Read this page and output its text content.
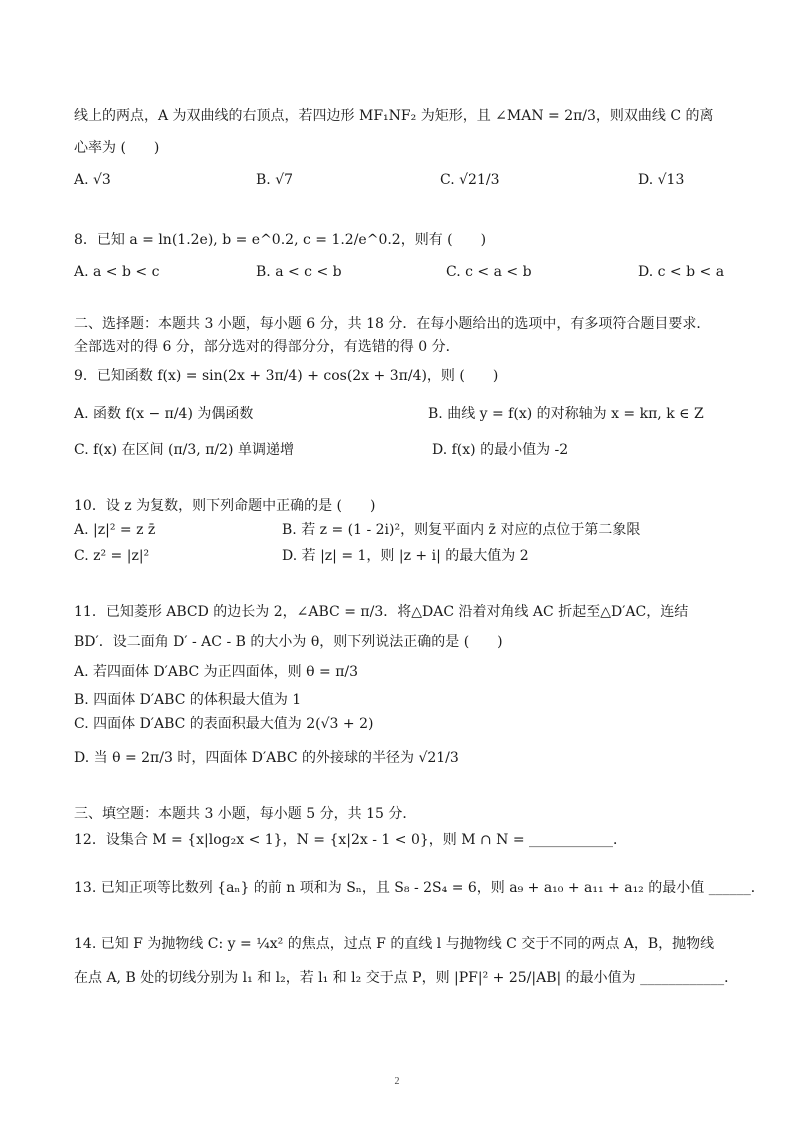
线上的两点，A 为双曲线的右顶点，若四边形 MF₁NF₂ 为矩形，且 ∠MAN = 2π/3，则双曲线 C 的离
心率为 (　　)
A. √3	B. √7	C. √21/3	D. √13
8．已知 a = ln(1.2e), b = e^0.2, c = 1.2/e^0.2，则有 (　　)
A. a < b < c	B. a < c < b	C. c < a < b	D. c < b < a
二、选择题：本题共 3 小题，每小题 6 分，共 18 分．在每小题给出的选项中，有多项符合题目要求．
全部选对的得 6 分，部分选对的得部分分，有选错的得 0 分．
9．已知函数 f(x) = sin(2x + 3π/4) + cos(2x + 3π/4)，则 (　　)
A. 函数 f(x − π/4) 为偶函数	B. 曲线 y = f(x) 的对称轴为 x = kπ, k ∈ Z
C. f(x) 在区间 (π/3, π/2) 单调递增	D. f(x) 的最小值为 -2
10．设 z 为复数，则下列命题中正确的是 (　　)
A. |z|² = z z̄	B. 若 z = (1 - 2i)²，则复平面内 z̄ 对应的点位于第二象限
C. z² = |z|²	D. 若 |z| = 1，则 |z + i| 的最大值为 2
11．已知菱形 ABCD 的边长为 2，∠ABC = π/3．将△DAC 沿着对角线 AC 折起至△D′AC，连结
BD′．设二面角 D′ - AC - B 的大小为 θ，则下列说法正确的是 (　　)
A. 若四面体 D′ABC 为正四面体，则 θ = π/3
B. 四面体 D′ABC 的体积最大值为 1
C. 四面体 D′ABC 的表面积最大值为 2(√3 + 2)
D. 当 θ = 2π/3 时，四面体 D′ABC 的外接球的半径为 √21/3
三、填空题：本题共 3 小题，每小题 5 分，共 15 分．
12．设集合 M = {x|log₂x < 1}，N = {x|2x - 1 < 0}，则 M ∩ N = ____________．
13. 已知正项等比数列 {aₙ} 的前 n 项和为 Sₙ，且 S₈ - 2S₄ = 6，则 a₉ + a₁₀ + a₁₁ + a₁₂ 的最小值 ______．
14. 已知 F 为抛物线 C: y = ¼x² 的焦点，过点 F 的直线 l 与抛物线 C 交于不同的两点 A，B，抛物线
在点 A, B 处的切线分别为 l₁ 和 l₂，若 l₁ 和 l₂ 交于点 P，则 |PF|² + 25/|AB| 的最小值为 ____________．
2
